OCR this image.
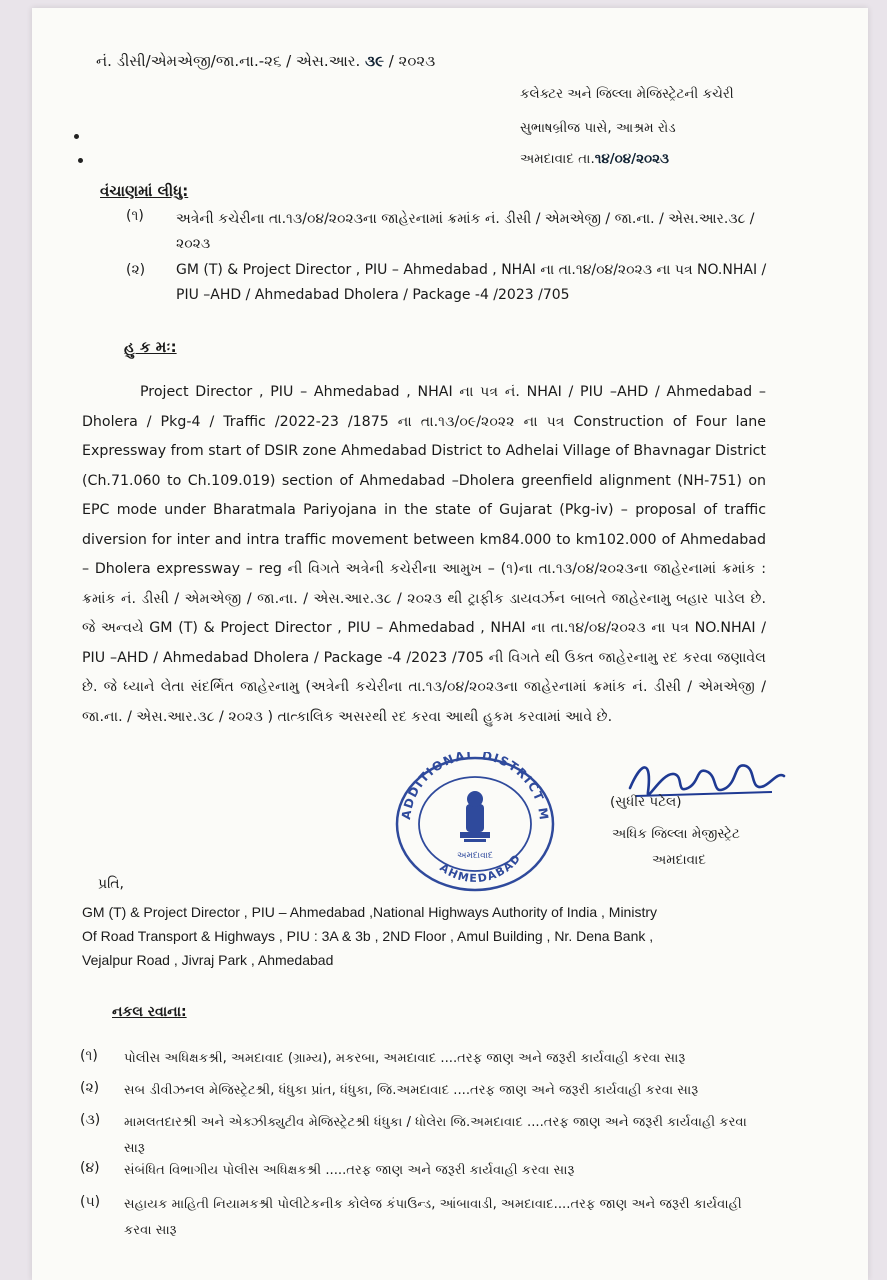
નં. ડીસી/એમએજી/જા.ના.-૨૬ / એસ.આર. ૩૯ / ૨૦૨૩
કલેક્ટર અને જિલ્લા મેજિસ્ટ્રેટની કચેરી
સુભાષબ્રીજ પાસે, આશ્રમ રોડ
અમદાવાદ તા.૧૪/૦૪/૨૦૨૩
વંચાણમાં લીધુ:
(૧) અત્રેની કચેરીના તા.૧૩/૦૪/૨૦૨૩ના જાહેરનામાં ક્રમાંક નં. ડીસી / એમએજી / જા.ના. / એસ.આર.૩૮ / ૨૦૨૩
(૨) GM (T) & Project Director , PIU – Ahmedabad , NHAI ના તા.૧૪/૦૪/૨૦૨૩ ના પત્ર NO.NHAI / PIU –AHD / Ahmedabad Dholera / Package -4 /2023 /705
હુ ક મઃ:
Project Director , PIU – Ahmedabad , NHAI ના પત્ર નં. NHAI / PIU –AHD / Ahmedabad – Dholera / Pkg-4 / Traffic /2022-23 /1875 ના તા.૧૩/૦૯/૨૦૨૨ ના પત્ર Construction of Four lane Expressway from start of DSIR zone Ahmedabad District to Adhelai Village of Bhavnagar District (Ch.71.060 to Ch.109.019) section of Ahmedabad –Dholera greenfield alignment (NH-751) on EPC mode under Bharatmala Pariyojana in the state of Gujarat (Pkg-iv) – proposal of traffic diversion for inter and intra traffic movement between km84.000 to km102.000 of Ahmedabad – Dholera expressway – reg ની વિગતે અત્રેની કચેરીના આમુખ – (૧)ના તા.૧૩/૦૪/૨૦૨૩ના જાહેરનામાં ક્રમાંક : ક્રમાંક નં. ડીસી / એમએજી / જા.ના. / એસ.આર.૩૮ / ૨૦૨૩ થી ટ્રાફીક ડાયવર્ઝન બાબતે જાહેરનામુ બહાર પાડેલ છે. જે અન્વયે GM (T) & Project Director , PIU – Ahmedabad , NHAI ના તા.૧૪/૦૪/૨૦૨૩ ના પત્ર NO.NHAI / PIU –AHD / Ahmedabad Dholera / Package -4 /2023 /705 ની વિગતે થી ઉક્ત જાહેરનામુ રદ કરવા જણાવેલ છે. જે ધ્યાને લેતા સંદર્ભિત જાહેરનામુ (અત્રેની કચેરીના તા.૧૩/૦૪/૨૦૨૩ના જાહેરનામાં ક્રમાંક નં. ડીસી / એમએજી / જા.ના. / એસ.આર.૩૮ / ૨૦૨૩ ) તાત્કાલિક અસરથી રદ કરવા આથી હુકમ કરવામાં આવે છે.
ADDITIONAL DISTRICT M
AHMEDABAD
અમદાવાદ
(સુધીર પટેલ)
અધિક જિલ્લા મેજીસ્ટ્રેટ
અમદાવાદ
પ્રતિ,
GM (T) & Project Director , PIU – Ahmedabad ,National Highways Authority of India , Ministry
Of Road Transport & Highways , PIU : 3A & 3b , 2ND Floor , Amul Building , Nr. Dena Bank ,
Vejalpur Road , Jivraj Park , Ahmedabad
નકલ રવાના:
(૧) પોલીસ અધિક્ષકશ્રી, અમદાવાદ (ગ્રામ્ય), મકરબા, અમદાવાદ ....તરફ જાણ અને જરૂરી કાર્યવાહી કરવા સારૂ
(૨) સબ ડીવીઝનલ મેજિસ્ટ્રેટશ્રી, ધંધુકા પ્રાંત, ધંધુકા, જિ.અમદાવાદ ....તરફ જાણ અને જરૂરી કાર્યવાહી કરવા સારૂ
(૩) મામલતદારશ્રી અને એક્ઝીક્યુટીવ મેજિસ્ટ્રેટશ્રી ધંધુકા / ધોલેરા જિ.અમદાવાદ ....તરફ જાણ અને જરૂરી કાર્યવાહી કરવા સારૂ
(૪) સંબંધિત વિભાગીય પોલીસ અધિક્ષકશ્રી .....તરફ જાણ અને જરૂરી કાર્યવાહી કરવા સારૂ
(૫) સહાયક માહિતી નિયામકશ્રી પોલીટેકનીક કોલેજ કંપાઉન્ડ, આંબાવાડી, અમદાવાદ....તરફ જાણ અને જરૂરી કાર્યવાહી કરવા સારૂ
